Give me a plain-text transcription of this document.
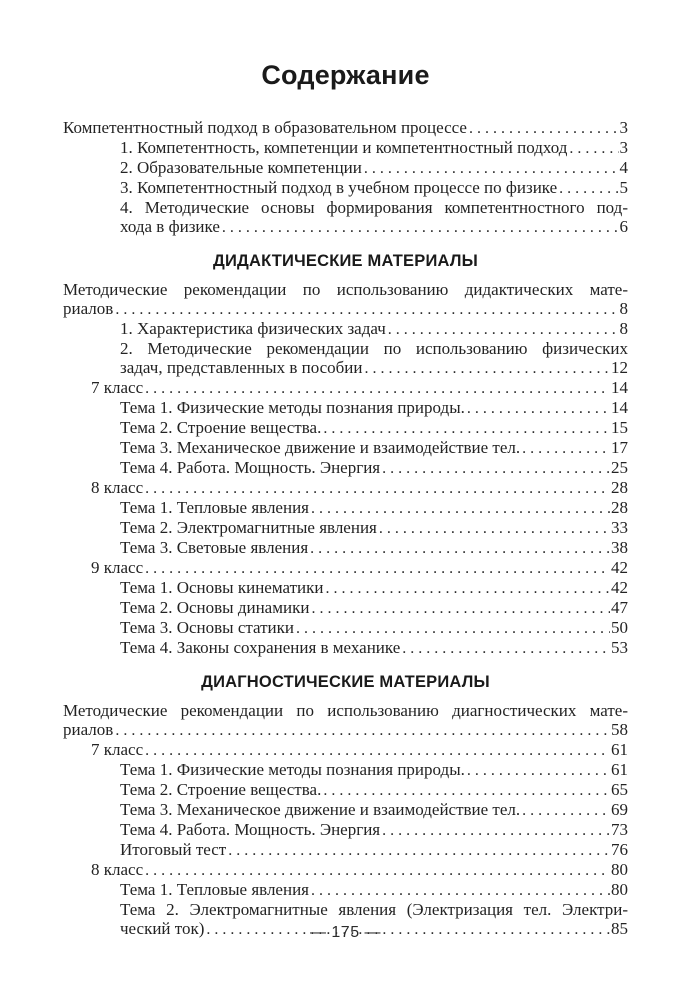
Содержание
Компетентностный подход в образовательном процессе .....	3
1. Компетентность, компетенции и компетентностный подход .....	3
2. Образовательные компетенции .....	4
3. Компетентностный подход в учебном процессе по физике .....	5
4. Методические основы формирования компетентностного под-
хода в физике .....	6
ДИДАКТИЧЕСКИЕ МАТЕРИАЛЫ
Методические рекомендации по использованию дидактических мате-
риалов .....	8
1. Характеристика физических задач .....	8
2. Методические рекомендации по использованию физических
задач, представленных в пособии .....	12
7 класс .....	14
Тема 1. Физические методы познания природы. .....	14
Тема 2. Строение вещества. .....	15
Тема 3. Механическое движение и взаимодействие тел. .....	17
Тема 4. Работа. Мощность. Энергия .....	25
8 класс .....	28
Тема 1. Тепловые явления .....	28
Тема 2. Электромагнитные явления .....	33
Тема 3. Световые явления .....	38
9 класс .....	42
Тема 1. Основы кинематики .....	42
Тема 2. Основы динамики .....	47
Тема 3. Основы статики .....	50
Тема 4. Законы сохранения в механике .....	53
ДИАГНОСТИЧЕСКИЕ МАТЕРИАЛЫ
Методические рекомендации по использованию диагностических мате-
риалов .....	58
7 класс .....	61
Тема 1. Физические методы познания природы. .....	61
Тема 2. Строение вещества. .....	65
Тема 3. Механическое движение и взаимодействие тел. .....	69
Тема 4. Работа. Мощность. Энергия .....	73
Итоговый тест .....	76
8 класс .....	80
Тема 1. Тепловые явления .....	80
Тема 2. Электромагнитные явления (Электризация тел. Электри-
ческий ток) .....	85
— 175 —
